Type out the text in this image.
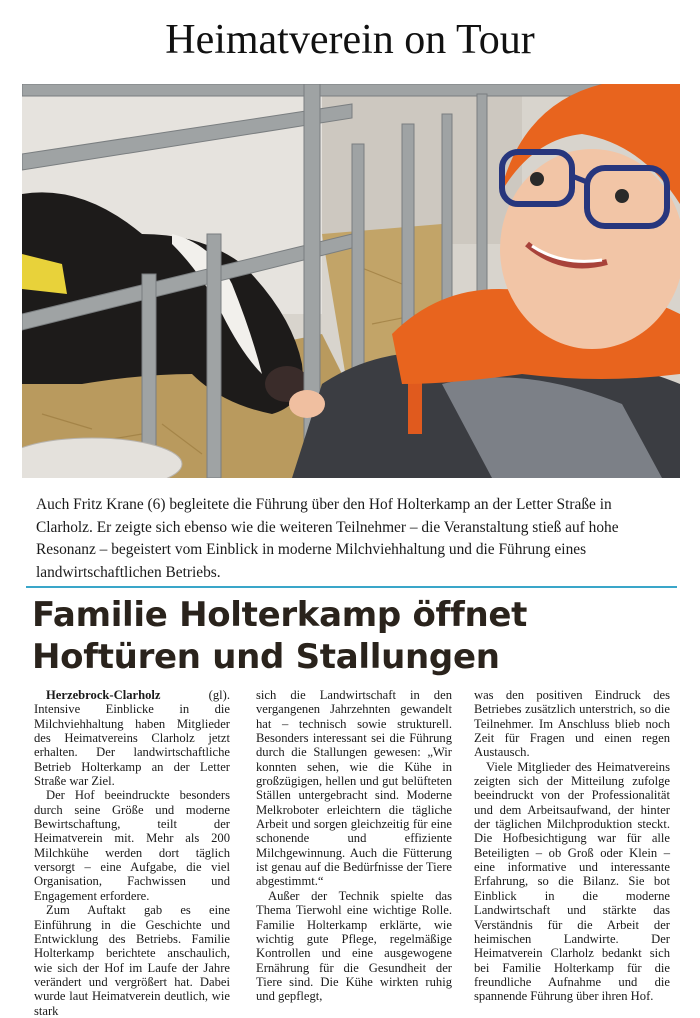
Heimatverein on Tour
Auch Fritz Krane (6) begleitete die Führung über den Hof Holterkamp an der Letter Straße in Clarholz. Er zeigte sich ebenso wie die weiteren Teilnehmer – die Veranstaltung stieß auf hohe Resonanz – begeistert vom Einblick in moderne Milchviehhaltung und die Führung eines landwirtschaftlichen Betriebs.
Familie Holterkamp öffnet
Hoftüren und Stallungen

Herzebrock-Clarholz (gl). Intensive Einblicke in die Milchviehhaltung haben Mitglieder des Heimatvereins Clarholz jetzt erhalten. Der landwirtschaftliche Betrieb Holterkamp an der Letter Straße war Ziel.

Der Hof beeindruckte besonders durch seine Größe und moderne Bewirtschaftung, teilt der Heimatverein mit. Mehr als 200 Milchkühe werden dort täglich versorgt – eine Aufgabe, die viel Organisation, Fachwissen und Engagement erfordere.

Zum Auftakt gab es eine Einführung in die Geschichte und Entwicklung des Betriebs. Familie Holterkamp berichtete anschaulich, wie sich der Hof im Laufe der Jahre verändert und vergrößert hat. Dabei wurde laut Heimatverein deutlich, wie stark

sich die Landwirtschaft in den vergangenen Jahrzehnten gewandelt hat – technisch sowie strukturell. Besonders interessant sei die Führung durch die Stallungen gewesen: „Wir konnten sehen, wie die Kühe in großzügigen, hellen und gut belüfteten Ställen untergebracht sind. Moderne Melkroboter erleichtern die tägliche Arbeit und sorgen gleichzeitig für eine schonende und effiziente Milchgewinnung. Auch die Fütterung ist genau auf die Bedürfnisse der Tiere abgestimmt.“

Außer der Technik spielte das Thema Tierwohl eine wichtige Rolle. Familie Holterkamp erklärte, wie wichtig gute Pflege, regelmäßige Kontrollen und eine ausgewogene Ernährung für die Gesundheit der Tiere sind. Die Kühe wirkten ruhig und gepflegt,

was den positiven Eindruck des Betriebes zusätzlich unterstrich, so die Teilnehmer. Im Anschluss blieb noch Zeit für Fragen und einen regen Austausch.

Viele Mitglieder des Heimatvereins zeigten sich der Mitteilung zufolge beeindruckt von der Professionalität und dem Arbeitsaufwand, der hinter der täglichen Milchproduktion steckt. Die Hofbesichtigung war für alle Beteiligten – ob Groß oder Klein – eine informative und interessante Erfahrung, so die Bilanz. Sie bot Einblick in die moderne Landwirtschaft und stärkte das Verständnis für die Arbeit der heimischen Landwirte. Der Heimatverein Clarholz bedankt sich bei Familie Holterkamp für die freundliche Aufnahme und die spannende Führung über ihren Hof.
